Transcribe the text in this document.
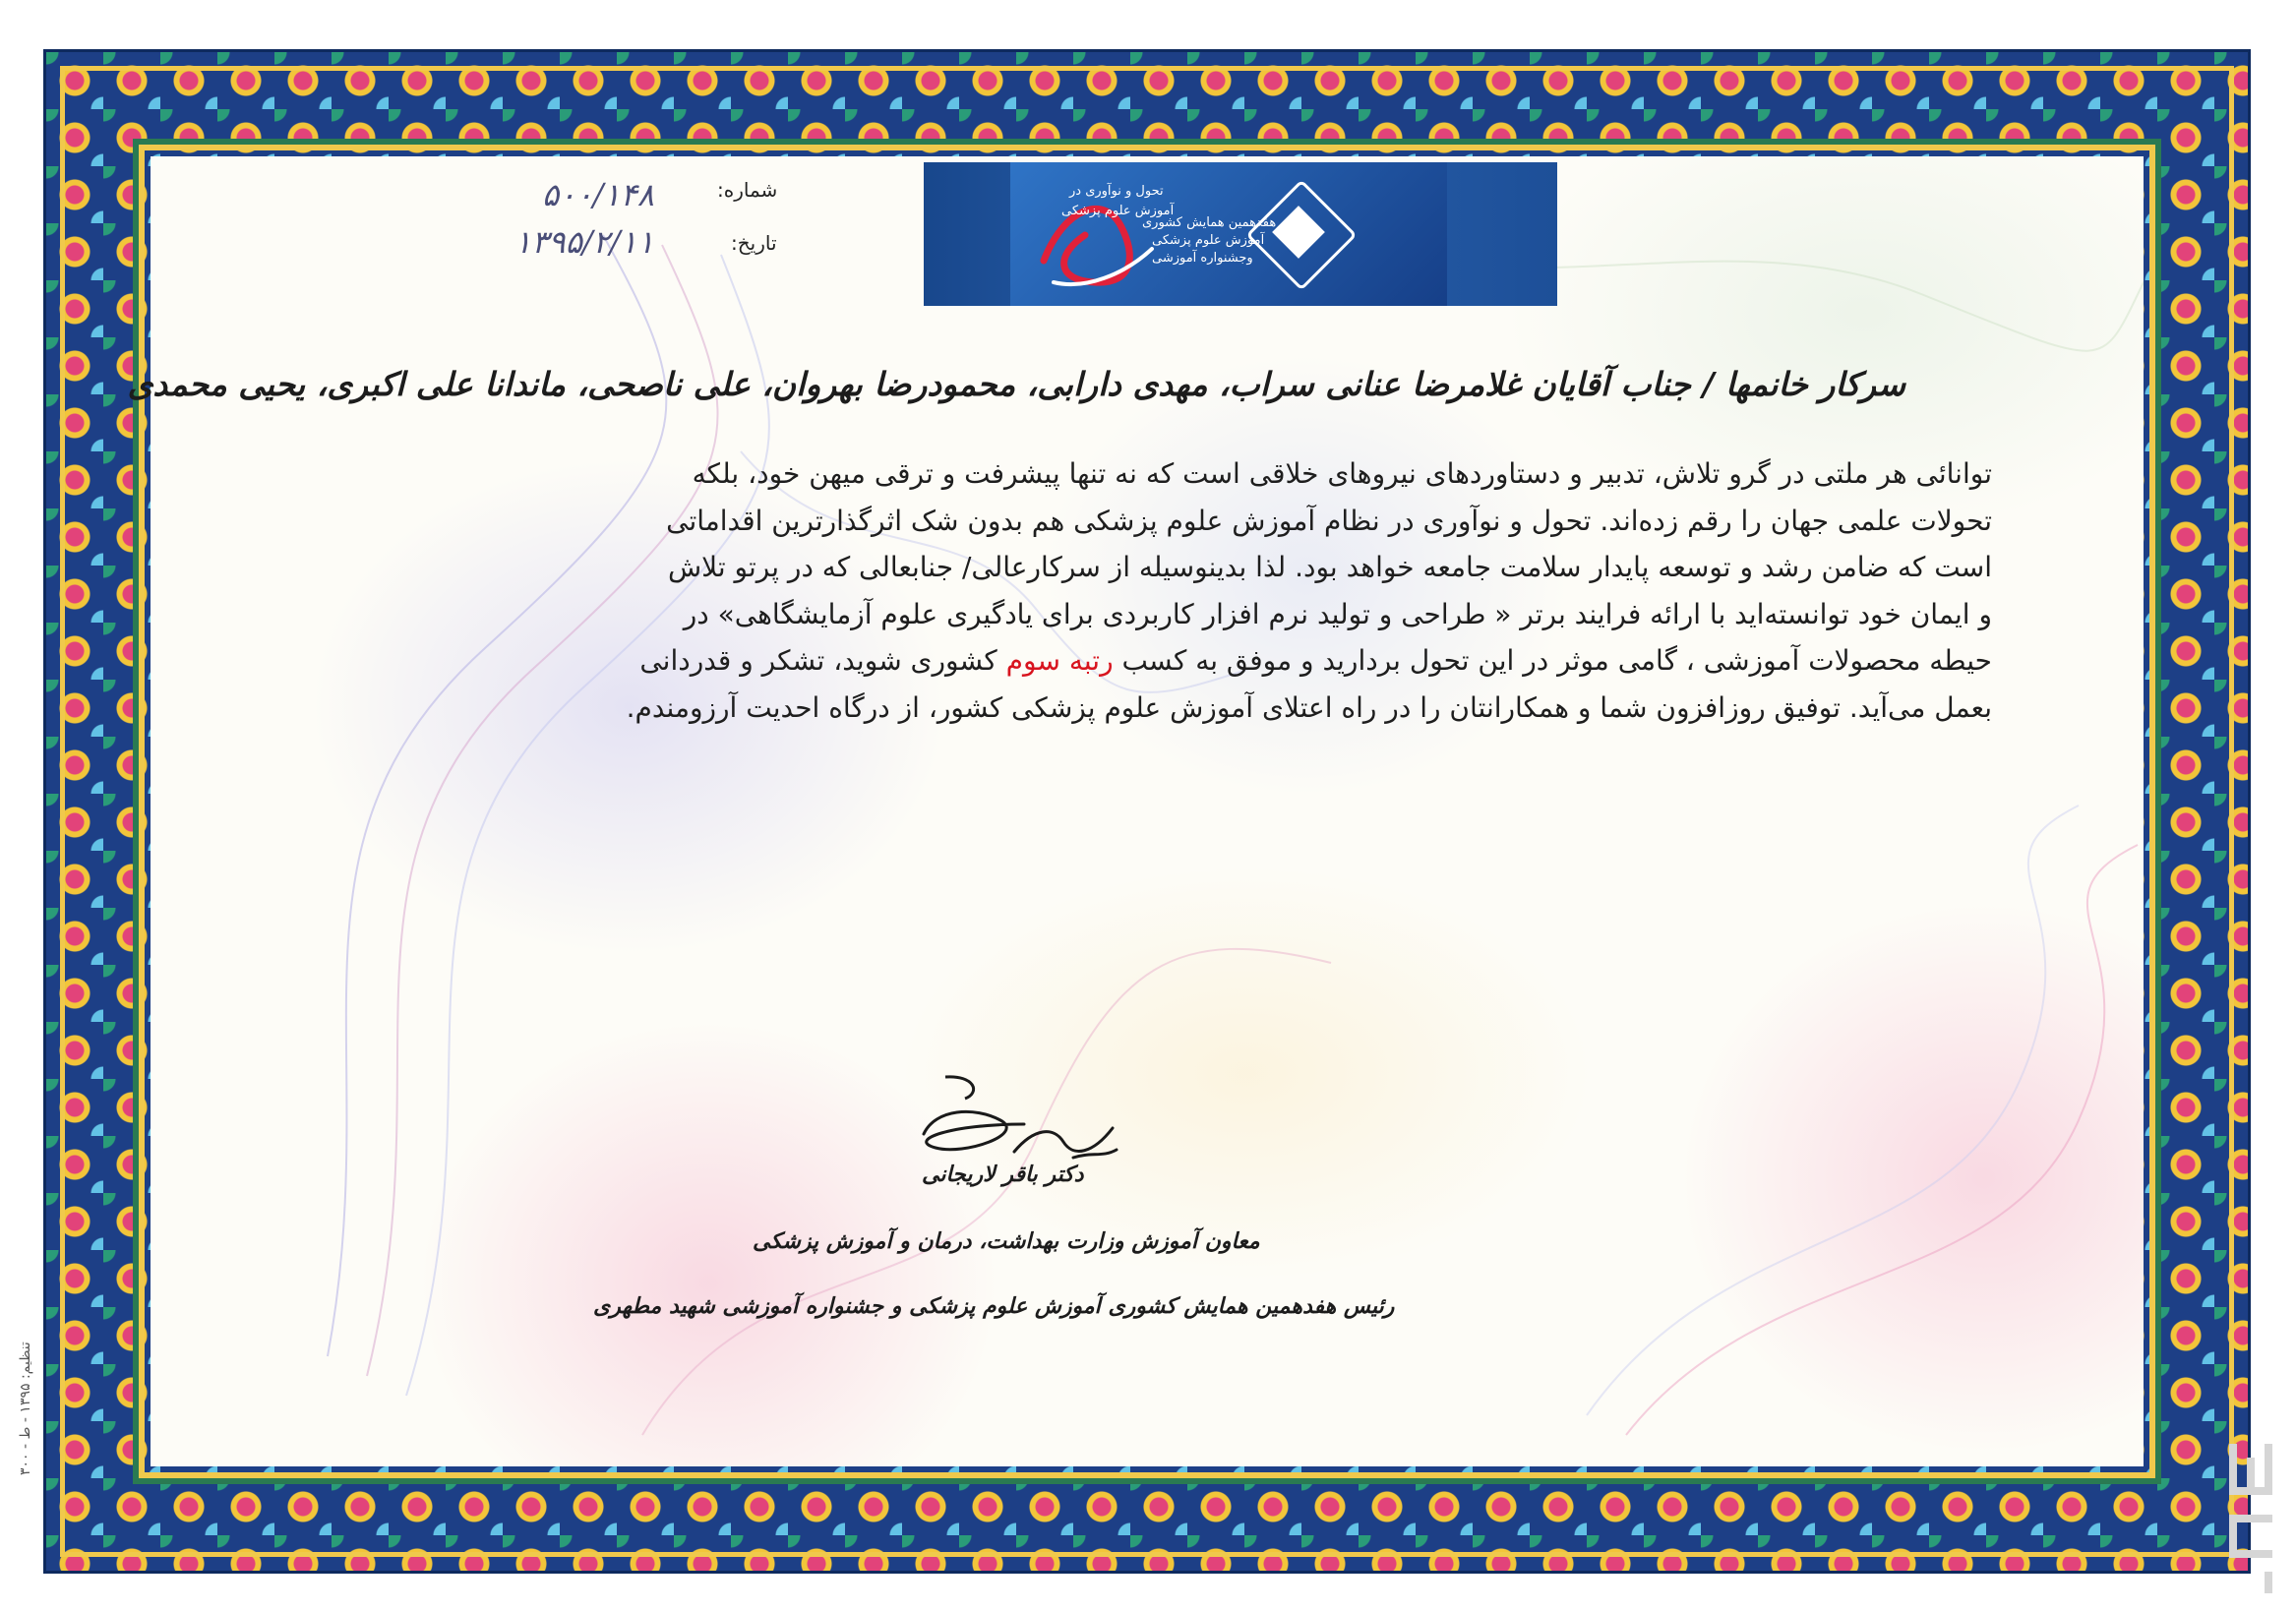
تحول و نوآوری در
آموزش علوم پزشکی
هفدهمین همایش کشوری
آموزش علوم پزشکی
وجشنواره آموزشی
شماره:
۵۰۰/۱۴۸
تاریخ:
۱۳۹۵/۲/۱۱
سرکار خانمها / جناب آقایان غلامرضا عنانی سراب، مهدی دارابی، محمودرضا بهروان، علی ناصحی، ماندانا علی اکبری، یحیی محمدی

توانائی هر ملتی در گرو تلاش، تدبیر و دستاوردهای نیروهای خلاقی است که نه تنها پیشرفت و ترقی میهن خود، بلکه

تحولات علمی جهان را رقم زده‌اند. تحول و نوآوری در نظام آموزش علوم پزشکی هم بدون شک اثرگذارترین اقداماتی

است که ضامن رشد و توسعه پایدار سلامت جامعه خواهد بود. لذا بدینوسیله از سرکارعالی/ جنابعالی که در پرتو تلاش

و ایمان خود توانسته‌اید با ارائه فرایند برتر « طراحی و تولید نرم افزار کاربردی برای یادگیری علوم آزمایشگاهی» در

حیطه محصولات آموزشی ، گامی موثر در این تحول بردارید و موفق به کسب رتبه سوم کشوری شوید، تشکر و قدردانی

بعمل می‌آید. توفیق روزافزون شما و همکارانتان را در راه اعتلای آموزش علوم پزشکی کشور، از درگاه احدیت آرزومندم.

دکتر باقر لاریجانی
معاون آموزش وزارت بهداشت، درمان و آموزش پزشکی
رئیس هفدهمین همایش کشوری آموزش علوم پزشکی و جشنواره آموزشی شهید مطهری
تنظیم: ۱۳۹۵ - ط - ۳۰۰
